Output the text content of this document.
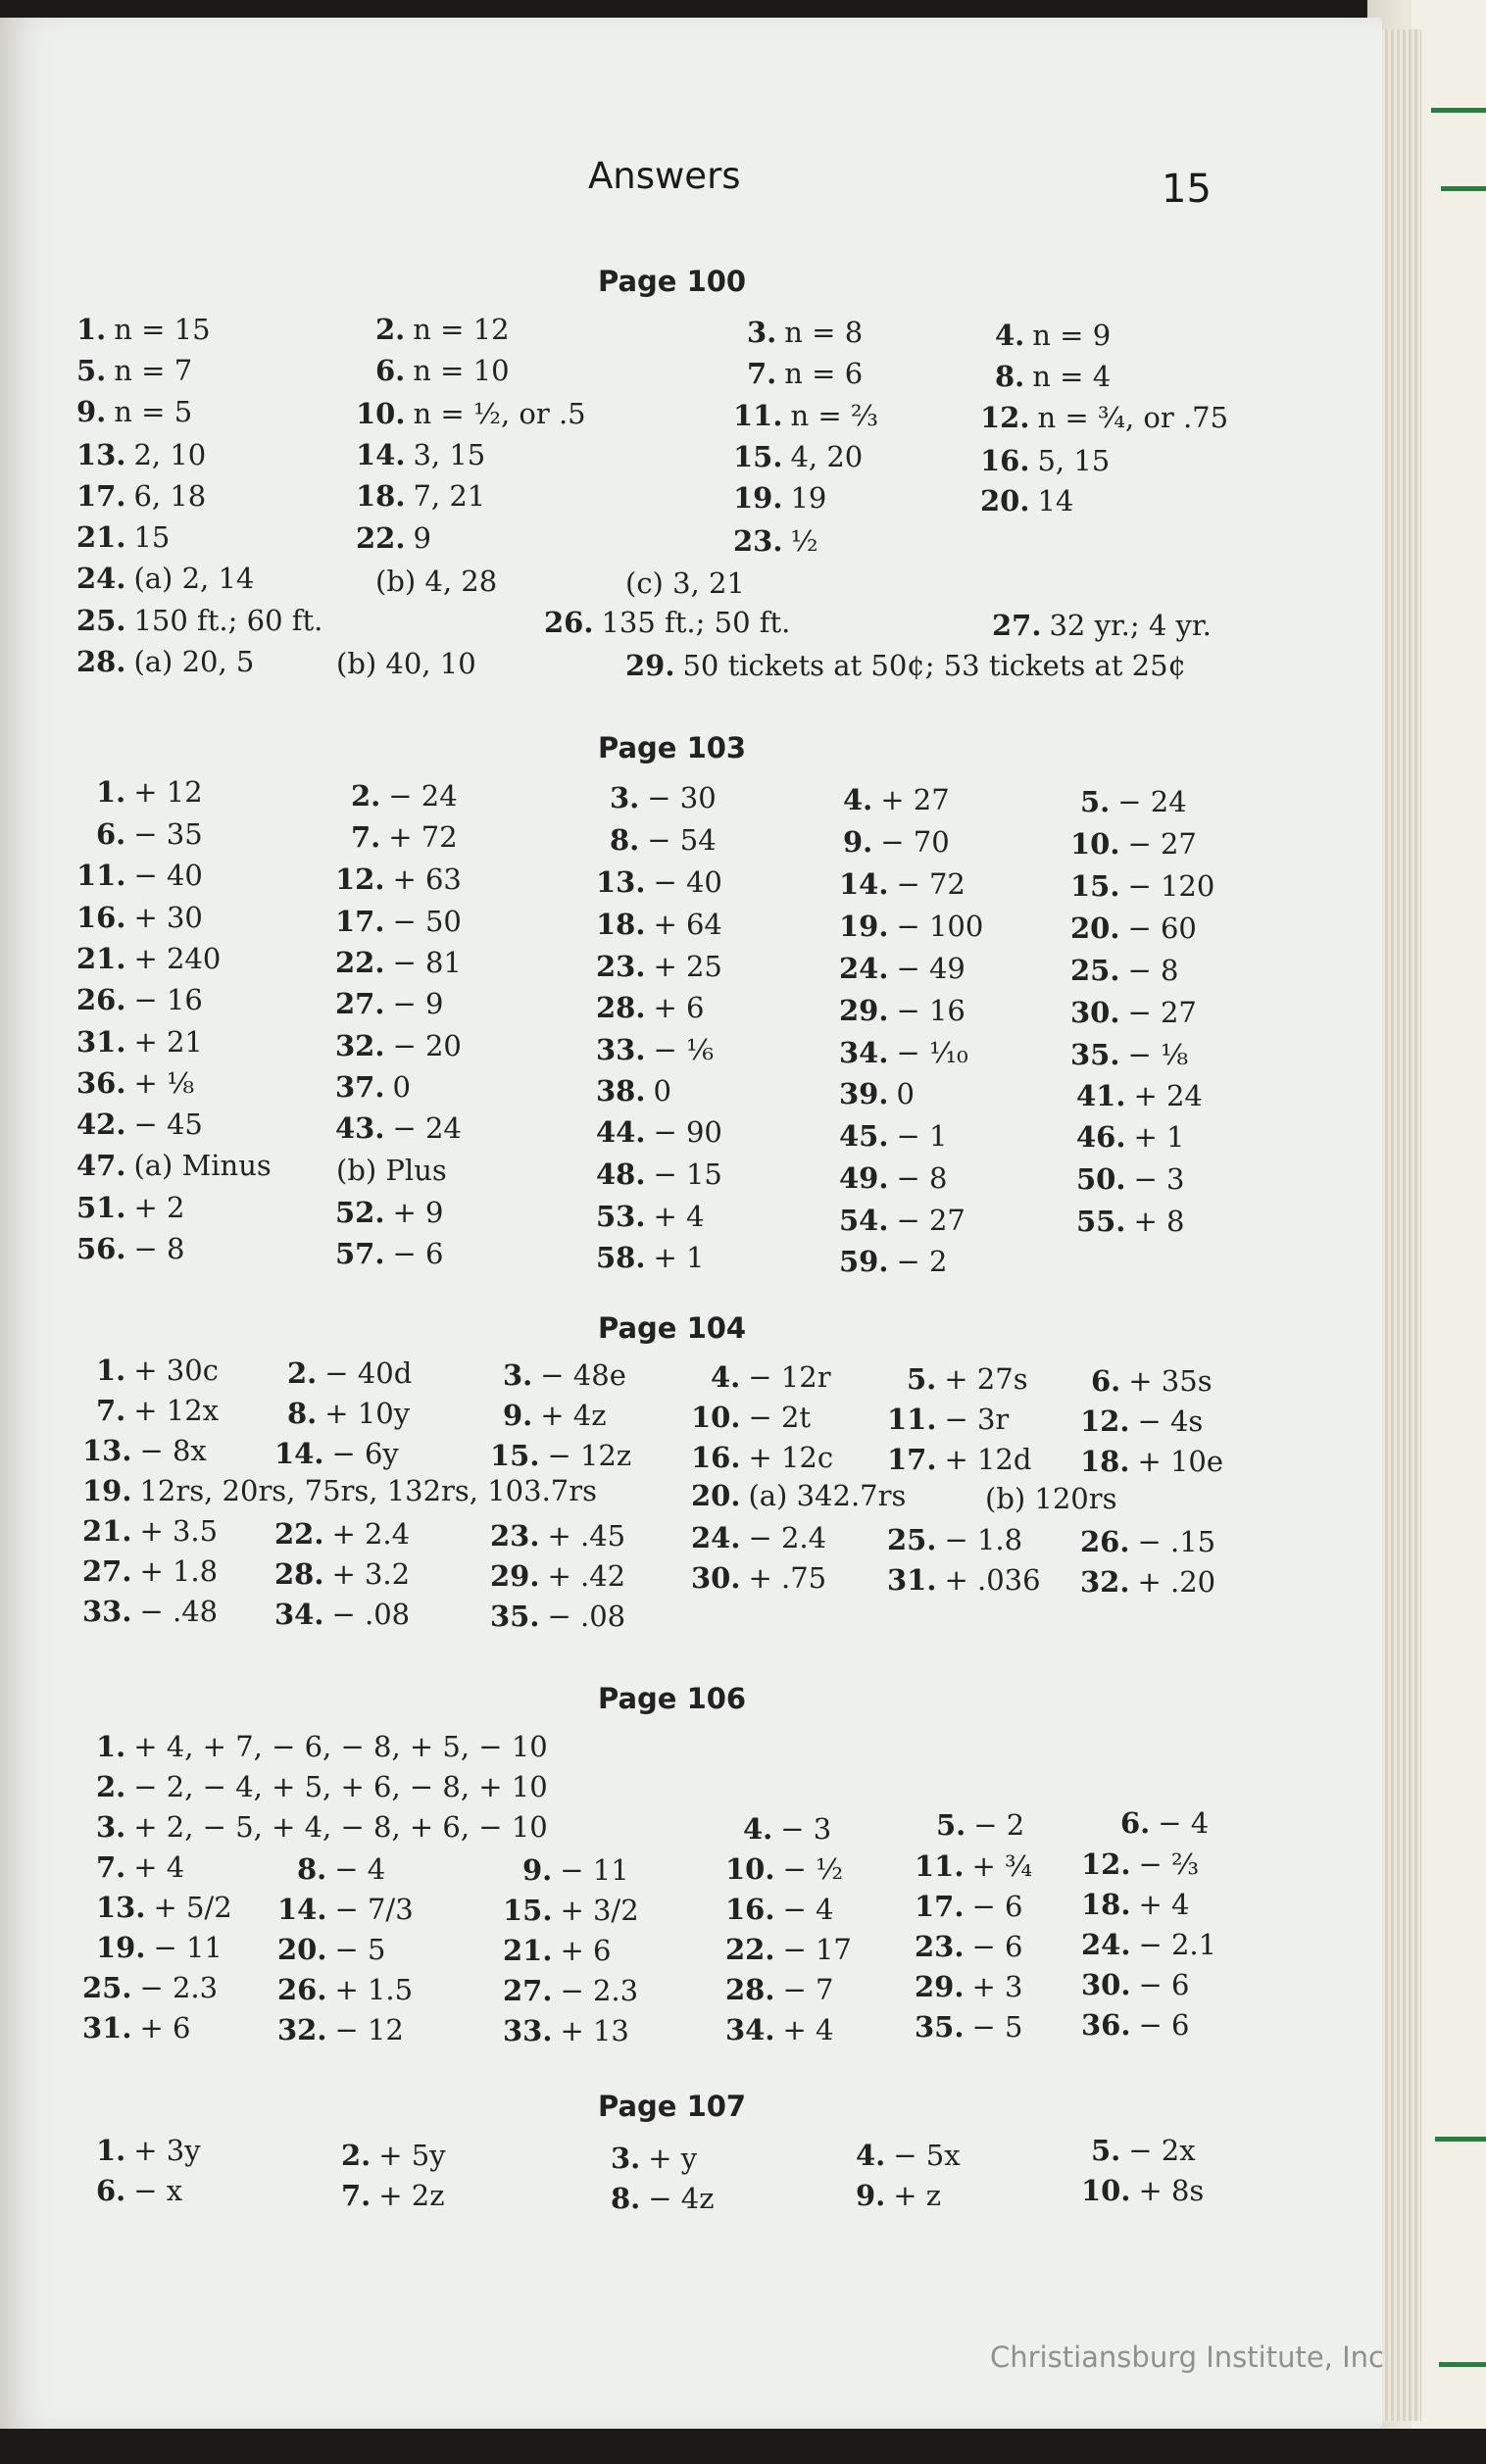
Answers	15
Page 100
Page 103
Page 104
Page 106
Page 107
1. n = 15	2. n = 12	3. n = 8	4. n = 9
5. n = 7	6. n = 10	7. n = 6	8. n = 4
9. n = 5	10. n = ½, or .5	11. n = ⅔	12. n = ¾, or .75
13. 2, 10	14. 3, 15	15. 4, 20	16. 5, 15
17. 6, 18	18. 7, 21	19. 19	20. 14
21. 15	22. 9	23. ½
24. (a) 2, 14	(b) 4, 28	(c) 3, 21
25. 150 ft.; 60 ft.	26. 135 ft.; 50 ft.	27. 32 yr.; 4 yr.
28. (a) 20, 5	(b) 40, 10	29. 50 tickets at 50¢; 53 tickets at 25¢
1. + 12	2. − 24	3. − 30	4. + 27	5. − 24
6. − 35	7. + 72	8. − 54	9. − 70	10. − 27
11. − 40	12. + 63	13. − 40	14. − 72	15. − 120
16. + 30	17. − 50	18. + 64	19. − 100	20. − 60
21. + 240	22. − 81	23. + 25	24. − 49	25. − 8
26. − 16	27. − 9	28. + 6	29. − 16	30. − 27
31. + 21	32. − 20	33. − ⅙	34. − ⅒	35. − ⅛
36. + ⅛	37. 0	38. 0	39. 0	41. + 24
42. − 45	43. − 24	44. − 90	45. − 1	46. + 1
47. (a) Minus (b) Plus	48. − 15	49. − 8	50. − 3
51. + 2	52. + 9	53. + 4	54. − 27	55. + 8
56. − 8	57. − 6	58. + 1	59. − 2
1. + 30c 2. − 40d	3. − 48e	4. − 12r	5. + 27s 6. + 35s
7. + 12x 8. + 10y	9. + 4z	10. − 2t	11. − 3r	12. − 4s
13. − 8x 14. − 6y	15. − 12z 16. + 12c 17. + 12d 18. + 10e
19. 12rs, 20rs, 75rs, 132rs, 103.7rs	20. (a) 342.7rs	(b) 120rs
21. + 3.5 22. + 2.4	23. + .45 24. − 2.4 25. − 1.8 26. − .15
27. + 1.8 28. + 3.2	29. + .42 30. + .75 31. + .036 32. + .20
33. − .48 34. − .08	35. − .08
1. + 4, + 7, − 6, − 8, + 5, − 10
2. − 2, − 4, + 5, + 6, − 8, + 10
3. + 2, − 5, + 4, − 8, + 6, − 10	4. − 3	5. − 2	6. − 4
7. + 4	8. − 4	9. − 11	10. − ½	11. + ¾ 12. − ⅔
13. + 5/2 14. − 7/3	15. + 3/2	16. − 4	17. − 6 18. + 4
19. − 11 20. − 5	21. + 6	22. − 17 23. − 6 24. − 2.1
25. − 2.3 26. + 1.5	27. − 2.3	28. − 7	29. + 3 30. − 6
31. + 6	32. − 12	33. + 13	34. + 4	35. − 5 36. − 6
1. + 3y	2. + 5y	3. + y	4. − 5x	5. − 2x
6. − x	7. + 2z	8. − 4z	9. + z	10. + 8s
Christiansburg Institute, Inc
